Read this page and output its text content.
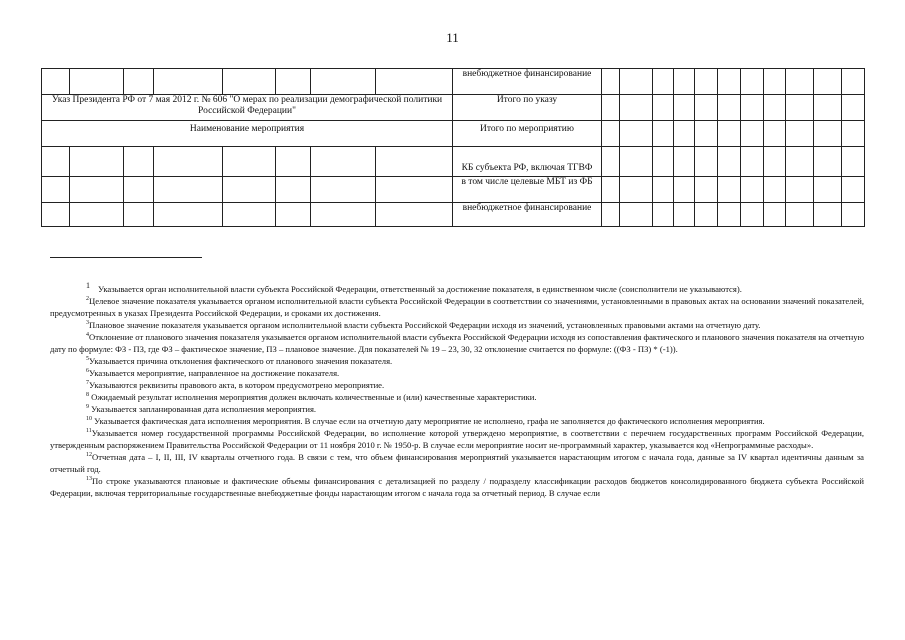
11
								внебюджетное финансирование											
Указ Президента РФ от 7 мая 2012 г. № 606 "О мерах по реализации демографической политики Российской Федерации"								Итого по указу											
Наименование мероприятия								Итого по мероприятию											
								КБ субъекта РФ, включая ТГВФ											
								в том числе целевые МБТ из ФБ											
								внебюджетное финансирование											

$^1$ Указывается орган исполнительной власти субъекта Российской Федерации, ответственный за достижение показателя, в единственном числе (соисполнители не указываются).

$^2$Целевое значение показателя указывается органом исполнительной власти субъекта Российской Федерации в соответствии со значениями, установленными в правовых актах на основании значений показателей, предусмотренных в указах Президента Российской Федерации, и сроками их достижения.

$^3$Плановое значение показателя указывается органом исполнительной власти субъекта Российской Федерации исходя из значений, установленных правовыми актами на отчетную дату.

$^4$Отклонение от планового значения показателя указывается органом исполнительной власти субъекта Российской Федерации исходя из сопоставления фактического и планового значения показателя на отчетную дату по формуле: ФЗ - ПЗ, где ФЗ – фактическое значение, ПЗ – плановое значение. Для показателей № 19 – 23, 30, 32 отклонение считается по формуле: ((ФЗ - ПЗ) * (-1)).

$^5$Указывается причина отклонения фактического от планового значения показателя.

$^6$Указывается мероприятие, направленное на достижение показателя.

$^7$Указываются реквизиты правового акта, в котором предусмотрено мероприятие.

$^8$ Ожидаемый результат исполнения мероприятия должен включать количественные и (или) качественные характеристики.

$^9$ Указывается запланированная дата исполнения мероприятия.

$^{10}$ Указывается фактическая дата исполнения мероприятия. В случае если на отчетную дату мероприятие не исполнено, графа не заполняется до фактического исполнения мероприятия.

$^{11}$Указывается номер государственной программы Российской Федерации, во исполнение которой утверждено мероприятие, в соответствии с перечнем государственных программ Российской Федерации, утвержденным распоряжением Правительства Российской Федерации от 11 ноября 2010 г. № 1950-р. В случае если мероприятие носит не-программный характер, указывается код «Непрограммные расходы».

$^{12}$Отчетная дата – I, II, III, IV кварталы отчетного года. В связи с тем, что объем финансирования мероприятий указывается нарастающим итогом с начала года, данные за IV квартал идентичны данным за отчетный год.

$^{13}$По строке указываются плановые и фактические объемы финансирования с детализацией по разделу / подразделу классификации расходов бюджетов консолидированного бюджета субъекта Российской Федерации, включая территориальные государственные внебюджетные фонды нарастающим итогом с начала года за отчетный период. В случае если
